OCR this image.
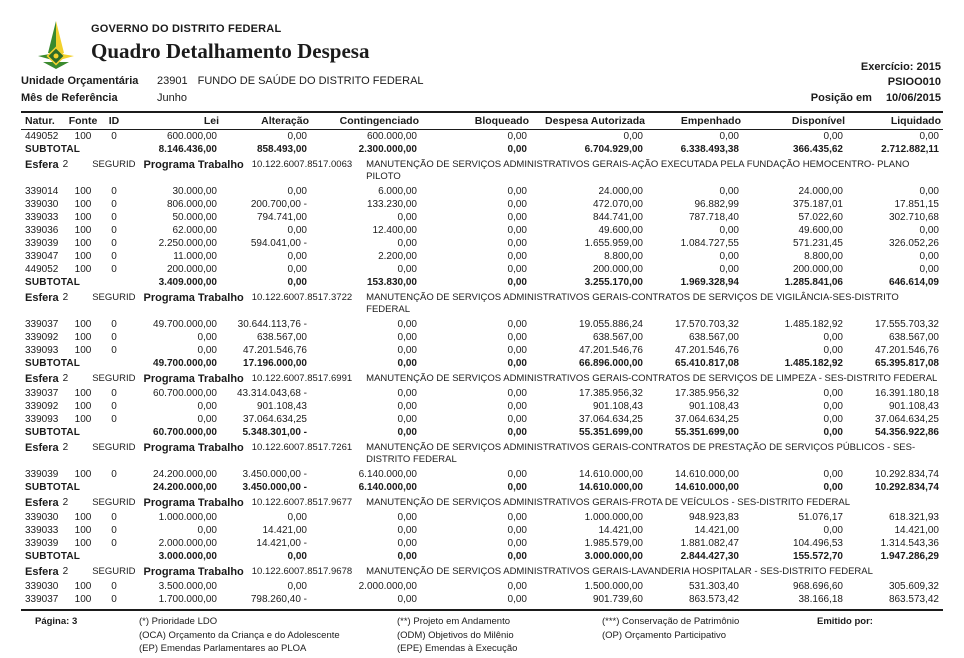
GOVERNO DO DISTRITO FEDERAL
Quadro Detalhamento Despesa
Exercício: 2015
PSIOO010
Unidade Orçamentária 23901 FUNDO DE SAÚDE DO DISTRITO FEDERAL
Mês de Referência	Junho	Posição em 10/06/2015
Natur.	Fonte	ID	Lei	Alteração	Contingenciado	Bloqueado	Despesa Autorizada	Empenhado	Disponível	Liquidado
449052	100	0	600.000,00	0,00	600.000,00	0,00	0,00	0,00	0,00	0,00
SUBTOTAL	8.146.436,00	858.493,00	2.300.000,00	0,00	6.704.929,00	6.338.493,38	366.435,62	2.712.882,11
Esfera 2	SEGURID Programa Trabalho 10.122.6007.8517.0063 MANUTENÇÃO DE SERVIÇOS ADMINISTRATIVOS GERAIS-AÇÃO EXECUTADA PELA FUNDAÇÃO HEMOCENTRO- PLANO PILOTO
339014	100	0	30.000,00	0,00	6.000,00	0,00	24.000,00	0,00	24.000,00	0,00
339030	100	0	806.000,00	200.700,00 -	133.230,00	0,00	472.070,00	96.882,99	375.187,01	17.851,15
339033	100	0	50.000,00	794.741,00	0,00	0,00	844.741,00	787.718,40	57.022,60	302.710,68
339036	100	0	62.000,00	0,00	12.400,00	0,00	49.600,00	0,00	49.600,00	0,00
339039	100	0	2.250.000,00	594.041,00 -	0,00	0,00	1.655.959,00	1.084.727,55	571.231,45	326.052,26
339047	100	0	11.000,00	0,00	2.200,00	0,00	8.800,00	0,00	8.800,00	0,00
449052	100	0	200.000,00	0,00	0,00	0,00	200.000,00	0,00	200.000,00	0,00
SUBTOTAL	3.409.000,00	0,00	153.830,00	0,00	3.255.170,00	1.969.328,94	1.285.841,06	646.614,09
Esfera 2	SEGURID Programa Trabalho 10.122.6007.8517.3722 MANUTENÇÃO DE SERVIÇOS ADMINISTRATIVOS GERAIS-CONTRATOS DE SERVIÇOS DE VIGILÂNCIA-SES-DISTRITO FEDERAL
339037	100	0	49.700.000,00	30.644.113,76 -	0,00	0,00	19.055.886,24	17.570.703,32	1.485.182,92	17.555.703,32
339092	100	0	0,00	638.567,00	0,00	0,00	638.567,00	638.567,00	0,00	638.567,00
339093	100	0	0,00	47.201.546,76	0,00	0,00	47.201.546,76	47.201.546,76	0,00	47.201.546,76
SUBTOTAL	49.700.000,00	17.196.000,00	0,00	0,00	66.896.000,00	65.410.817,08	1.485.182,92	65.395.817,08
Esfera 2	SEGURID Programa Trabalho 10.122.6007.8517.6991 MANUTENÇÃO DE SERVIÇOS ADMINISTRATIVOS GERAIS-CONTRATOS DE SERVIÇOS DE LIMPEZA - SES-DISTRITO FEDERAL
339037	100	0	60.700.000,00	43.314.043,68 -	0,00	0,00	17.385.956,32	17.385.956,32	0,00	16.391.180,18
339092	100	0	0,00	901.108,43	0,00	0,00	901.108,43	901.108,43	0,00	901.108,43
339093	100	0	0,00	37.064.634,25	0,00	0,00	37.064.634,25	37.064.634,25	0,00	37.064.634,25
SUBTOTAL	60.700.000,00	5.348.301,00 -	0,00	0,00	55.351.699,00	55.351.699,00	0,00	54.356.922,86
Esfera 2	SEGURID Programa Trabalho 10.122.6007.8517.7261 MANUTENÇÃO DE SERVIÇOS ADMINISTRATIVOS GERAIS-CONTRATOS DE PRESTAÇÃO DE SERVIÇOS PÚBLICOS - SES-DISTRITO FEDERAL
339039	100	0	24.200.000,00	3.450.000,00 -	6.140.000,00	0,00	14.610.000,00	14.610.000,00	0,00	10.292.834,74
SUBTOTAL	24.200.000,00	3.450.000,00 -	6.140.000,00	0,00	14.610.000,00	14.610.000,00	0,00	10.292.834,74
Esfera 2	SEGURID Programa Trabalho 10.122.6007.8517.9677 MANUTENÇÃO DE SERVIÇOS ADMINISTRATIVOS GERAIS-FROTA DE VEÍCULOS - SES-DISTRITO FEDERAL
339030	100	0	1.000.000,00	0,00	0,00	0,00	1.000.000,00	948.923,83	51.076,17	618.321,93
339033	100	0	0,00	14.421,00	0,00	0,00	14.421,00	14.421,00	0,00	14.421,00
339039	100	0	2.000.000,00	14.421,00 -	0,00	0,00	1.985.579,00	1.881.082,47	104.496,53	1.314.543,36
SUBTOTAL	3.000.000,00	0,00	0,00	0,00	3.000.000,00	2.844.427,30	155.572,70	1.947.286,29
Esfera 2	SEGURID Programa Trabalho 10.122.6007.8517.9678 MANUTENÇÃO DE SERVIÇOS ADMINISTRATIVOS GERAIS-LAVANDERIA HOSPITALAR - SES-DISTRITO FEDERAL
339030	100	0	3.500.000,00	0,00	2.000.000,00	0,00	1.500.000,00	531.303,40	968.696,60	305.609,32
339037	100	0	1.700.000,00	798.260,40 -	0,00	0,00	901.739,60	863.573,42	38.166,18	863.573,42
Página: 3	(*) Prioridade LDO
(OCA) Orçamento da Criança e do Adolescente
(EP) Emendas Parlamentares ao PLOA
(**) Projeto em Andamento
(ODM) Objetivos do Milênio
(EPE) Emendas à Execução
(***) Conservação de Patrimônio
(OP) Orçamento Participativo
Emitido por:
